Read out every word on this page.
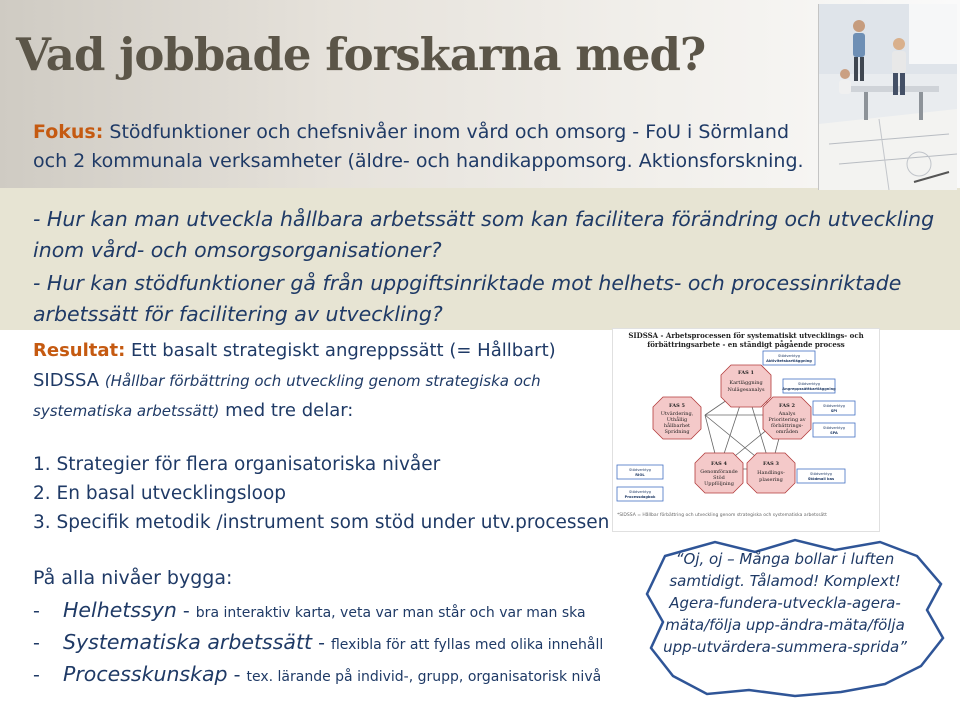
Vad jobbade forskarna med?
Fokus: Stödfunktioner och chefsnivåer inom vård och omsorg - FoU i Sörmland och 2 kommunala verksamheter (äldre- och handikappomsorg. Aktionsforskning.
- Hur kan man utveckla hållbara arbetssätt som kan facilitera förändring och utveckling inom vård- och omsorgsorganisationer?
- Hur kan stödfunktioner gå från uppgiftsinriktade mot helhets- och processinriktade arbetssätt för facilitering av utveckling?
Resultat: Ett basalt strategiskt angreppssätt (= Hållbart)
SIDSSA (Hållbar förbättring och utveckling genom strategiska och systematiska arbetssätt) med tre delar:
1. Strategier för flera organisatoriska nivåer
2. En basal utvecklingsloop
3. Specifik metodik /instrument som stöd under utv.processen
SIDSSA - Arbetsprocessen för systematiskt utvecklings- och förbättringsarbete - en ständigt pågående process
FAS 1
Kartläggning
Nulägesanalys
FAS 2
Analys
Prioritering av
förbättrings-
områden
FAS 3
Handlings-
plasering
FAS 4
Genomförande
Stöd
Uppföljning
FAS 5
Utvärdering,
Uthållig
hållbarhet
Spridning
Stödverktyg
Aktivitetskartläggning
Stödverktyg
Angreppssättkartläggning
Stödverktyg
SPI
Stödverktyg
SPA
Stödverktyg
Stödmall bas
Stödverktyg
RIOL
Stödverktyg
Processdagbok
*SIDSSA = Hållbar förbättring och utveckling genom strategiska och systematiska arbetssätt
På alla nivåer bygga:
- Helhetssyn - bra interaktiv karta, veta var man står och var man ska
- Systematiska arbetssätt - flexibla för att fyllas med olika innehåll
- Processkunskap - tex. lärande på individ-, grupp, organisatorisk nivå
“Oj, oj – Många bollar i luften samtidigt. Tålamod! Komplext! Agera-fundera-utveckla-agera-mäta/följa upp-ändra-mäta/följa upp-utvärdera-summera-sprida”
